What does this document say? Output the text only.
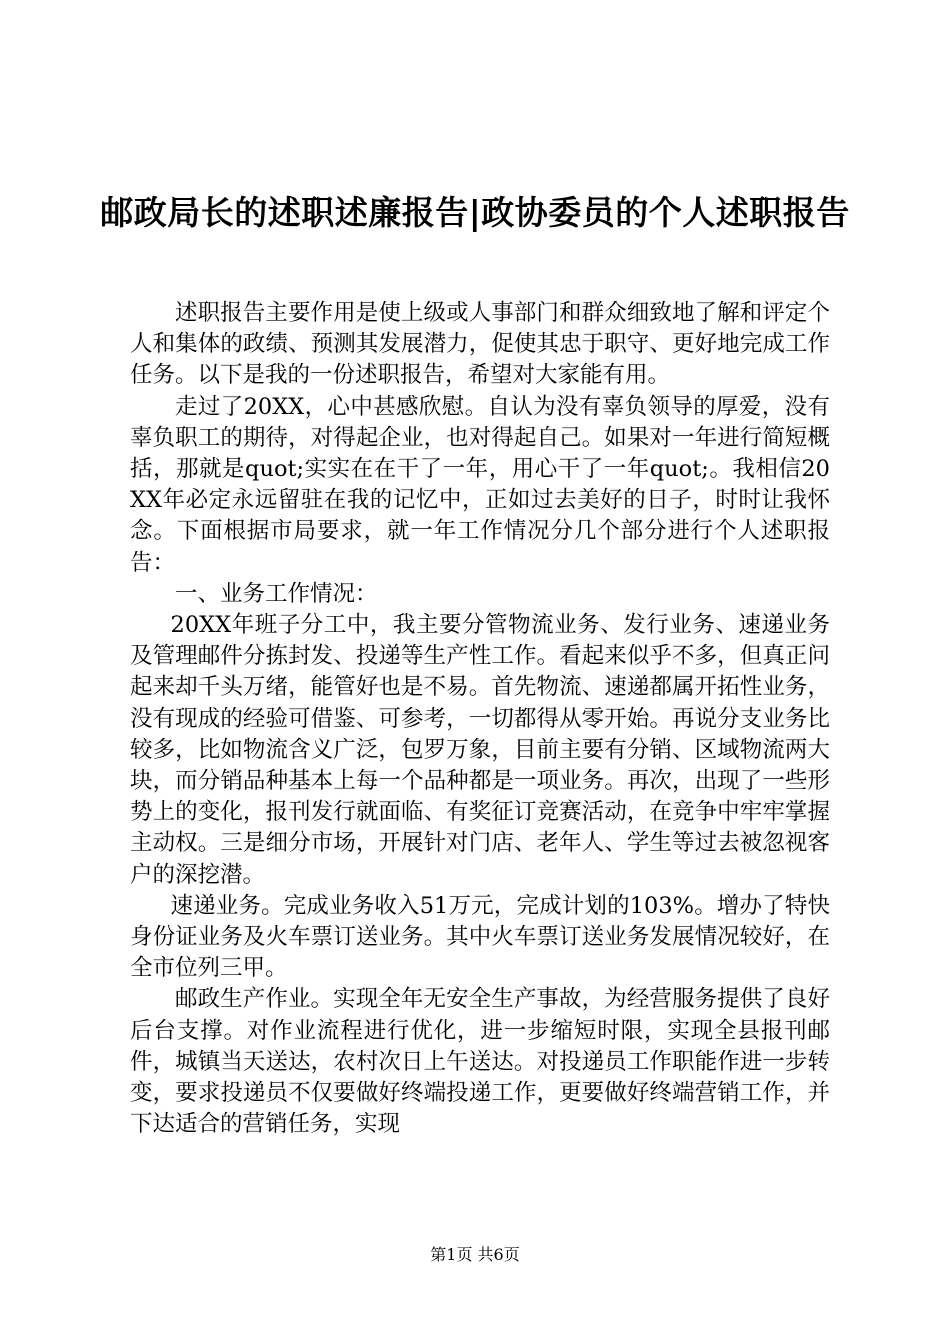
邮政局长的述职述廉报告|政协委员的个人述职报告

述职报告主要作用是使上级或人事部门和群众细致地了解和评定个人和集体的政绩、预测其发展潜力，促使其忠于职守、更好地完成工作任务。以下是我的一份述职报告，希望对大家能有用。

走过了20XX，心中甚感欣慰。自认为没有辜负领导的厚爱，没有辜负职工的期待，对得起企业，也对得起自己。如果对一年进行简短概括，那就是quot;实实在在干了一年，用心干了一年quot;。我相信20XX年必定永远留驻在我的记忆中，正如过去美好的日子，时时让我怀念。下面根据市局要求，就一年工作情况分几个部分进行个人述职报告：

一、业务工作情况：

20XX年班子分工中，我主要分管物流业务、发行业务、速递业务及管理邮件分拣封发、投递等生产性工作。看起来似乎不多，但真正问起来却千头万绪，能管好也是不易。首先物流、速递都属开拓性业务，没有现成的经验可借鉴、可参考，一切都得从零开始。再说分支业务比较多，比如物流含义广泛，包罗万象，目前主要有分销、区域物流两大块，而分销品种基本上每一个品种都是一项业务。再次，出现了一些形势上的变化，报刊发行就面临、有奖征订竞赛活动，在竞争中牢牢掌握主动权。三是细分市场，开展针对门店、老年人、学生等过去被忽视客户的深挖潜。

速递业务。完成业务收入51万元，完成计划的103%。增办了特快身份证业务及火车票订送业务。其中火车票订送业务发展情况较好，在全市位列三甲。

邮政生产作业。实现全年无安全生产事故，为经营服务提供了良好后台支撑。对作业流程进行优化，进一步缩短时限，实现全县报刊邮件，城镇当天送达，农村次日上午送达。对投递员工作职能作进一步转变，要求投递员不仅要做好终端投递工作，更要做好终端营销工作，并下达适合的营销任务，实现

第1页 共6页
